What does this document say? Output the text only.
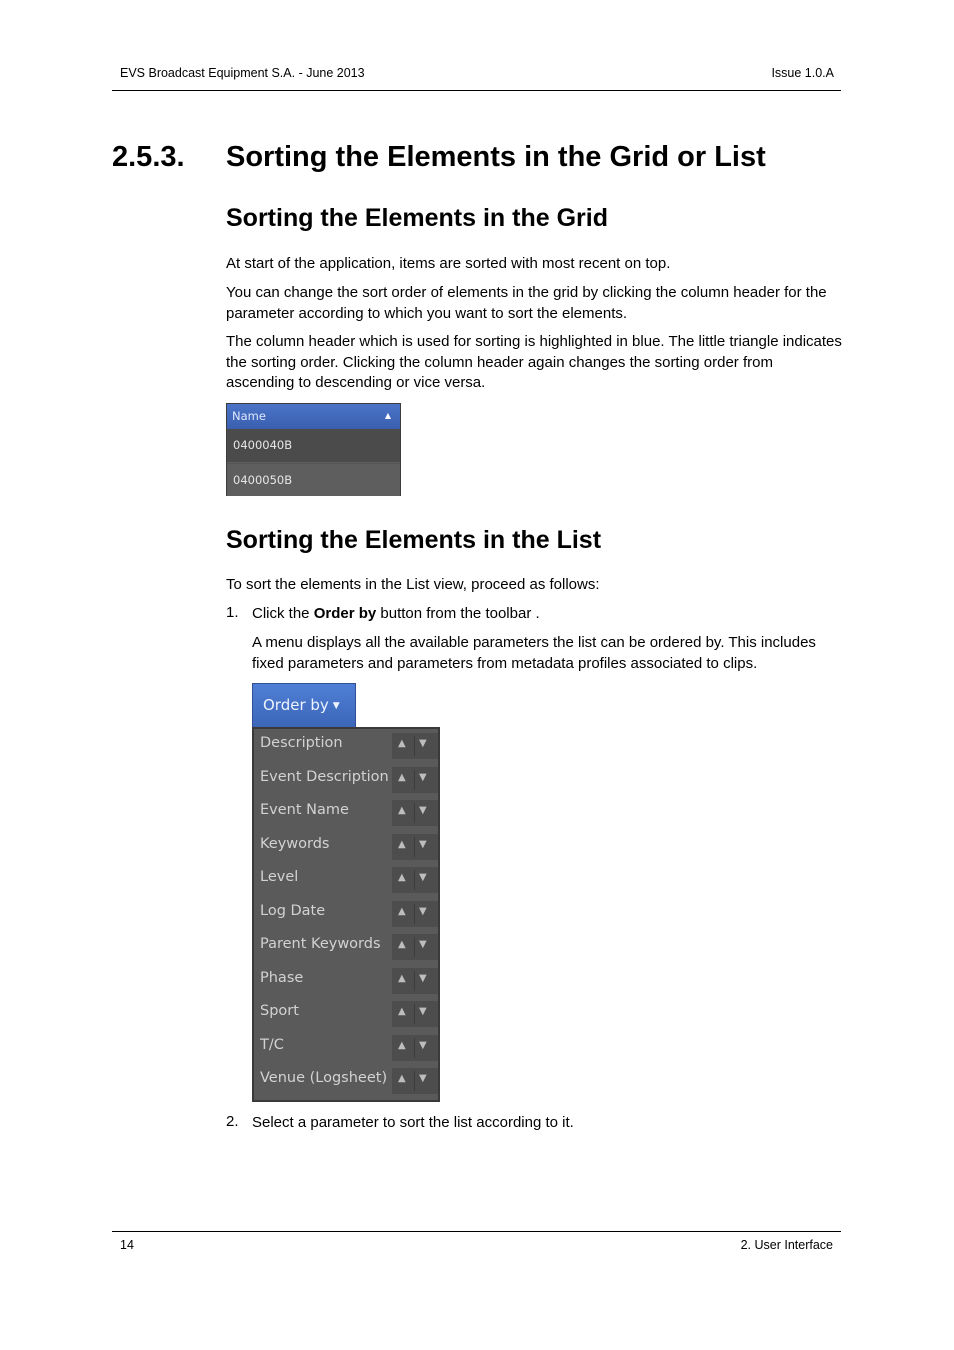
EVS Broadcast Equipment S.A. - June 2013	Issue 1.0.A
2.5.3. Sorting the Elements in the Grid or List
Sorting the Elements in the Grid
At start of the application, items are sorted with most recent on top.
You can change the sort order of elements in the grid by clicking the column header for the parameter according to which you want to sort the elements.
The column header which is used for sorting is highlighted in blue. The little triangle indicates the sorting order. Clicking the column header again changes the sorting order from ascending to descending or vice versa.
Name	▲
0400040B
0400050B
Sorting the Elements in the List
To sort the elements in the List view, proceed as follows:
1. Click the Order by button from the toolbar .
A menu displays all the available parameters the list can be ordered by. This includes fixed parameters and parameters from metadata profiles associated to clips.
Order by ▼
Description	▲ ▼
Event Description ▲ ▼
Event Name	▲ ▼
Keywords	▲ ▼
Level	▲ ▼
Log Date	▲ ▼
Parent Keywords ▲ ▼
Phase	▲ ▼
Sport	▲ ▼
T/C	▲ ▼
Venue (Logsheet) ▲ ▼
2. Select a parameter to sort the list according to it.
14	2. User Interface
